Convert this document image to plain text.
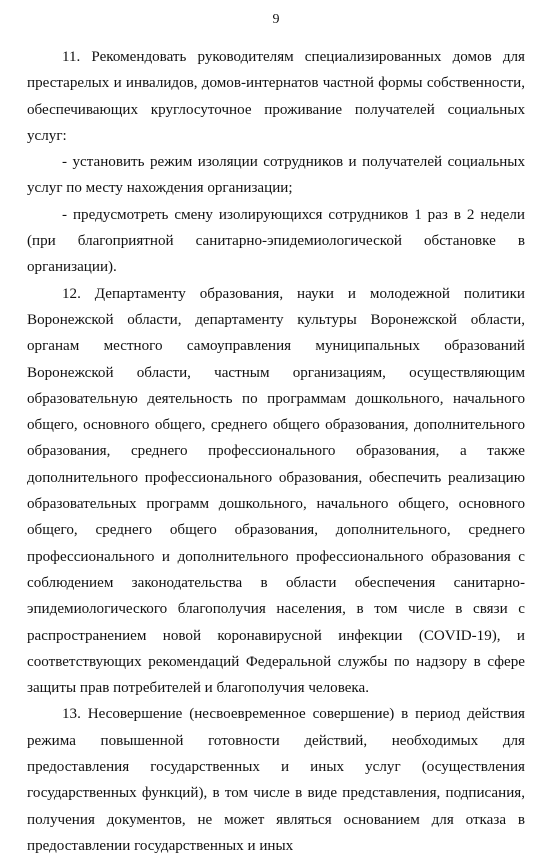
9

11. Рекомендовать руководителям специализированных домов для престарелых и инвалидов, домов-интернатов частной формы собственности, обеспечивающих круглосуточное проживание получателей социальных услуг:

- установить режим изоляции сотрудников и получателей социальных услуг по месту нахождения организации;

- предусмотреть смену изолирующихся сотрудников 1 раз в 2 недели (при благоприятной санитарно-эпидемиологической обстановке в организации).

12. Департаменту образования, науки и молодежной политики Воронежской области, департаменту культуры Воронежской области, органам местного самоуправления муниципальных образований Воронежской области, частным организациям, осуществляющим образовательную деятельность по программам дошкольного, начального общего, основного общего, среднего общего образования, дополнительного образования, среднего профессионального образования, а также дополнительного профессионального образования, обеспечить реализацию образовательных программ дошкольного, начального общего, основного общего, среднего общего образования, дополнительного, среднего профессионального и дополнительного профессионального образования с соблюдением законодательства в области обеспечения санитарно-эпидемиологического благополучия населения, в том числе в связи с распространением новой коронавирусной инфекции (COVID-19), и соответствующих рекомендаций Федеральной службы по надзору в сфере защиты прав потребителей и благополучия человека.

13. Несовершение (несвоевременное совершение) в период действия режима повышенной готовности действий, необходимых для предоставления государственных и иных услуг (осуществления государственных функций), в том числе в виде представления, подписания, получения документов, не может являться основанием для отказа в предоставлении государственных и иных
